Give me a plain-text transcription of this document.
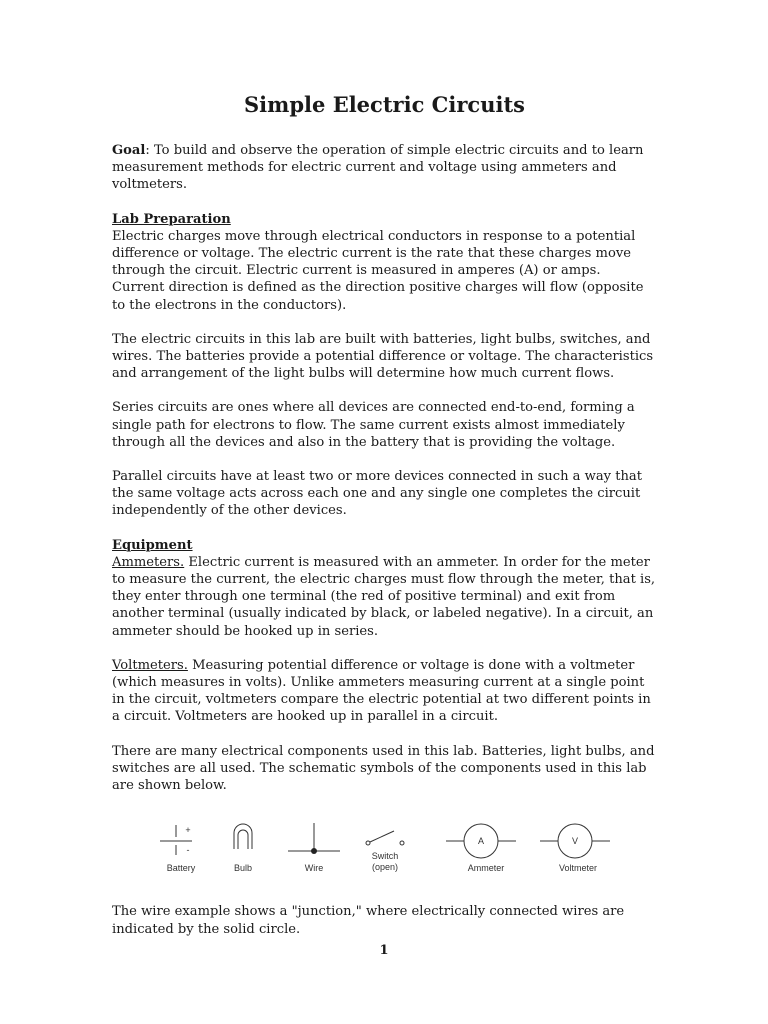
Simple Electric Circuits

Goal: To build and observe the operation of simple electric circuits and to learn measurement methods for electric current and voltage using ammeters and voltmeters.

Lab Preparation

Electric charges move through electrical conductors in response to a potential difference or voltage. The electric current is the rate that these charges move through the circuit. Electric current is measured in amperes (A) or amps. Current direction is defined as the direction positive charges will flow (opposite to the electrons in the conductors).

The electric circuits in this lab are built with batteries, light bulbs, switches, and wires. The batteries provide a potential difference or voltage. The characteristics and arrangement of the light bulbs will determine how much current flows.

Series circuits are ones where all devices are connected end-to-end, forming a single path for electrons to flow. The same current exists almost immediately through all the devices and also in the battery that is providing the voltage.

Parallel circuits have at least two or more devices connected in such a way that the same voltage acts across each one and any single one completes the circuit independently of the other devices.

Equipment

Ammeters. Electric current is measured with an ammeter. In order for the meter to measure the current, the electric charges must flow through the meter, that is, they enter through one terminal (the red of positive terminal) and exit from another terminal (usually indicated by black, or labeled negative). In a circuit, an ammeter should be hooked up in series.

Voltmeters. Measuring potential difference or voltage is done with a voltmeter (which measures in volts). Unlike ammeters measuring current at a single point in the circuit, voltmeters compare the electric potential at two different points in a circuit. Voltmeters are hooked up in parallel in a circuit.

There are many electrical components used in this lab. Batteries, light bulbs, and switches are all used. The schematic symbols of the components used in this lab are shown below.

+
-
A	V
Battery	Bulb	Wire
Switch
(open)	Ammeter	Voltmeter

The wire example shows a "junction," where electrically connected wires are indicated by the solid circle.

1
